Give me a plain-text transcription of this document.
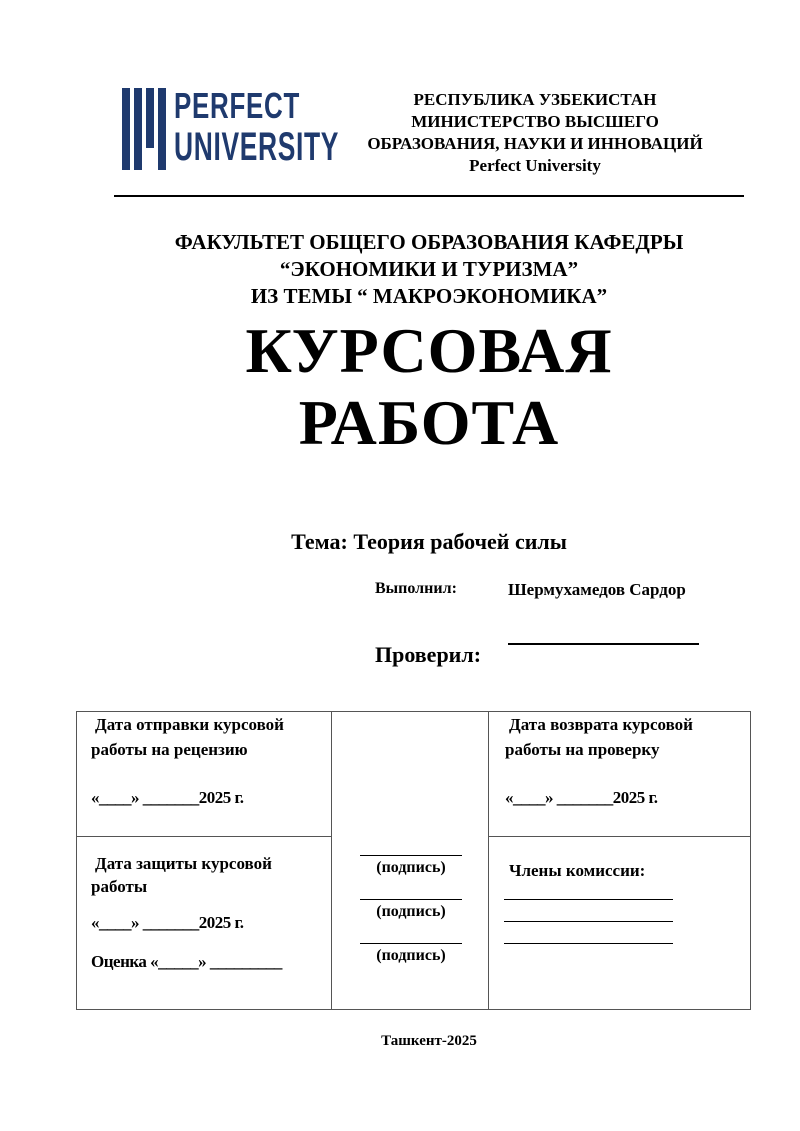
PERFECT
UNIVERSITY
РЕСПУБЛИКА УЗБЕКИСТАН
МИНИСТЕРСТВО ВЫСШЕГО
ОБРАЗОВАНИЯ, НАУКИ И ИННОВАЦИЙ
Perfect University
ФАКУЛЬТЕТ ОБЩЕГО ОБРАЗОВАНИЯ КАФЕДРЫ
“ЭКОНОМИКИ И ТУРИЗМА”
ИЗ ТЕМЫ “ МАКРОЭКОНОМИКА”
КУРСОВАЯ
РАБОТА
Тема: Теория рабочей силы
Выполнил:	Шермухамедов Сардор
Проверил:
Дата отправки курсовой
работы на рецензию
«____» _______2025 г.
Дата возврата курсовой
работы на проверку
«____» _______2025 г.
Дата защиты курсовой
работы
«____» _______2025 г.
Оценка «_____» _________
(подпись)
(подпись)
(подпись)
Члены комиссии:
Ташкент-2025
